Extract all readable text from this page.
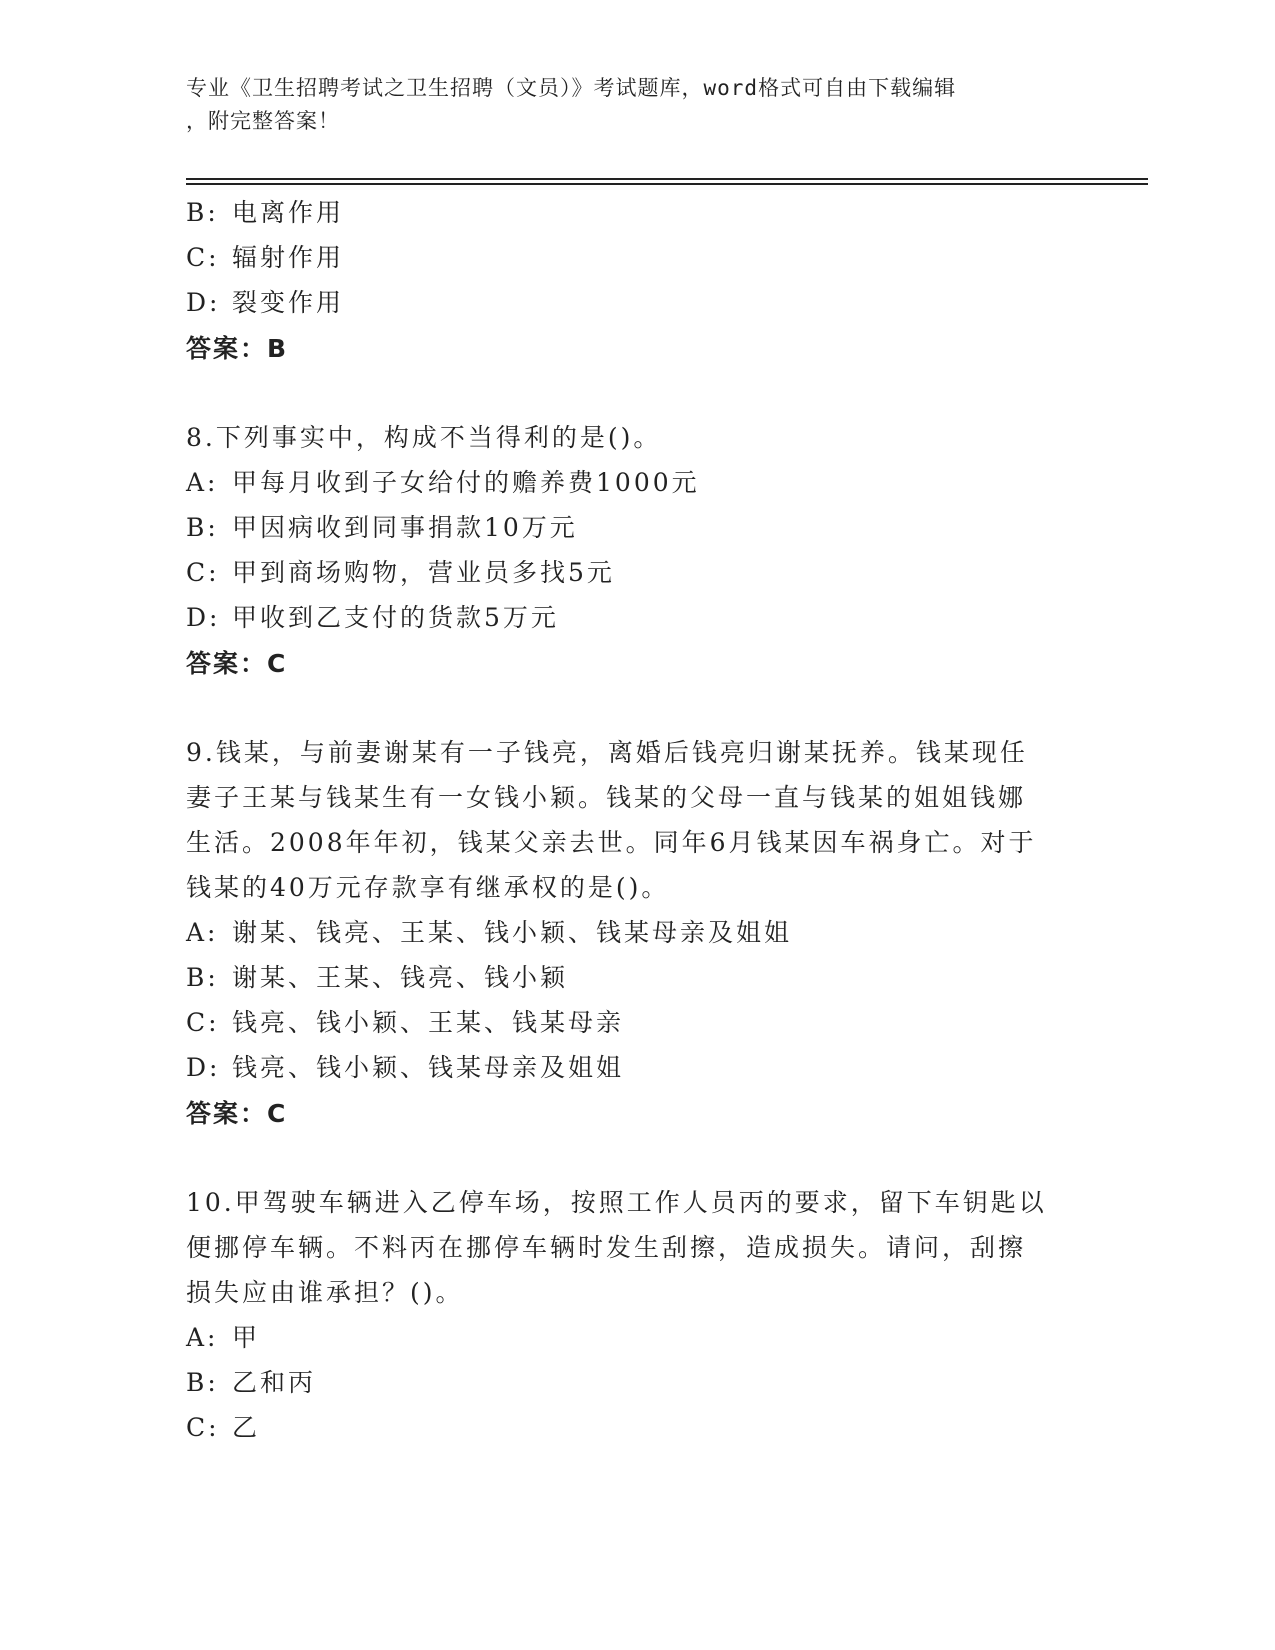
专业《卫生招聘考试之卫生招聘（文员）》考试题库，word格式可自由下载编辑
，附完整答案！
B: 电离作用
C: 辐射作用
D: 裂变作用
答案：B
8.下列事实中，构成不当得利的是()。
A: 甲每月收到子女给付的赡养费1000元
B: 甲因病收到同事捐款10万元
C: 甲到商场购物，营业员多找5元
D: 甲收到乙支付的货款5万元
答案：C
9.钱某，与前妻谢某有一子钱亮，离婚后钱亮归谢某抚养。钱某现任
妻子王某与钱某生有一女钱小颖。钱某的父母一直与钱某的姐姐钱娜
生活。2008年年初，钱某父亲去世。同年6月钱某因车祸身亡。对于
钱某的40万元存款享有继承权的是()。
A: 谢某、钱亮、王某、钱小颖、钱某母亲及姐姐
B: 谢某、王某、钱亮、钱小颖
C: 钱亮、钱小颖、王某、钱某母亲
D: 钱亮、钱小颖、钱某母亲及姐姐
答案：C
10.甲驾驶车辆进入乙停车场，按照工作人员丙的要求，留下车钥匙以
便挪停车辆。不料丙在挪停车辆时发生刮擦，造成损失。请问，刮擦
损失应由谁承担？()。
A: 甲
B: 乙和丙
C: 乙
